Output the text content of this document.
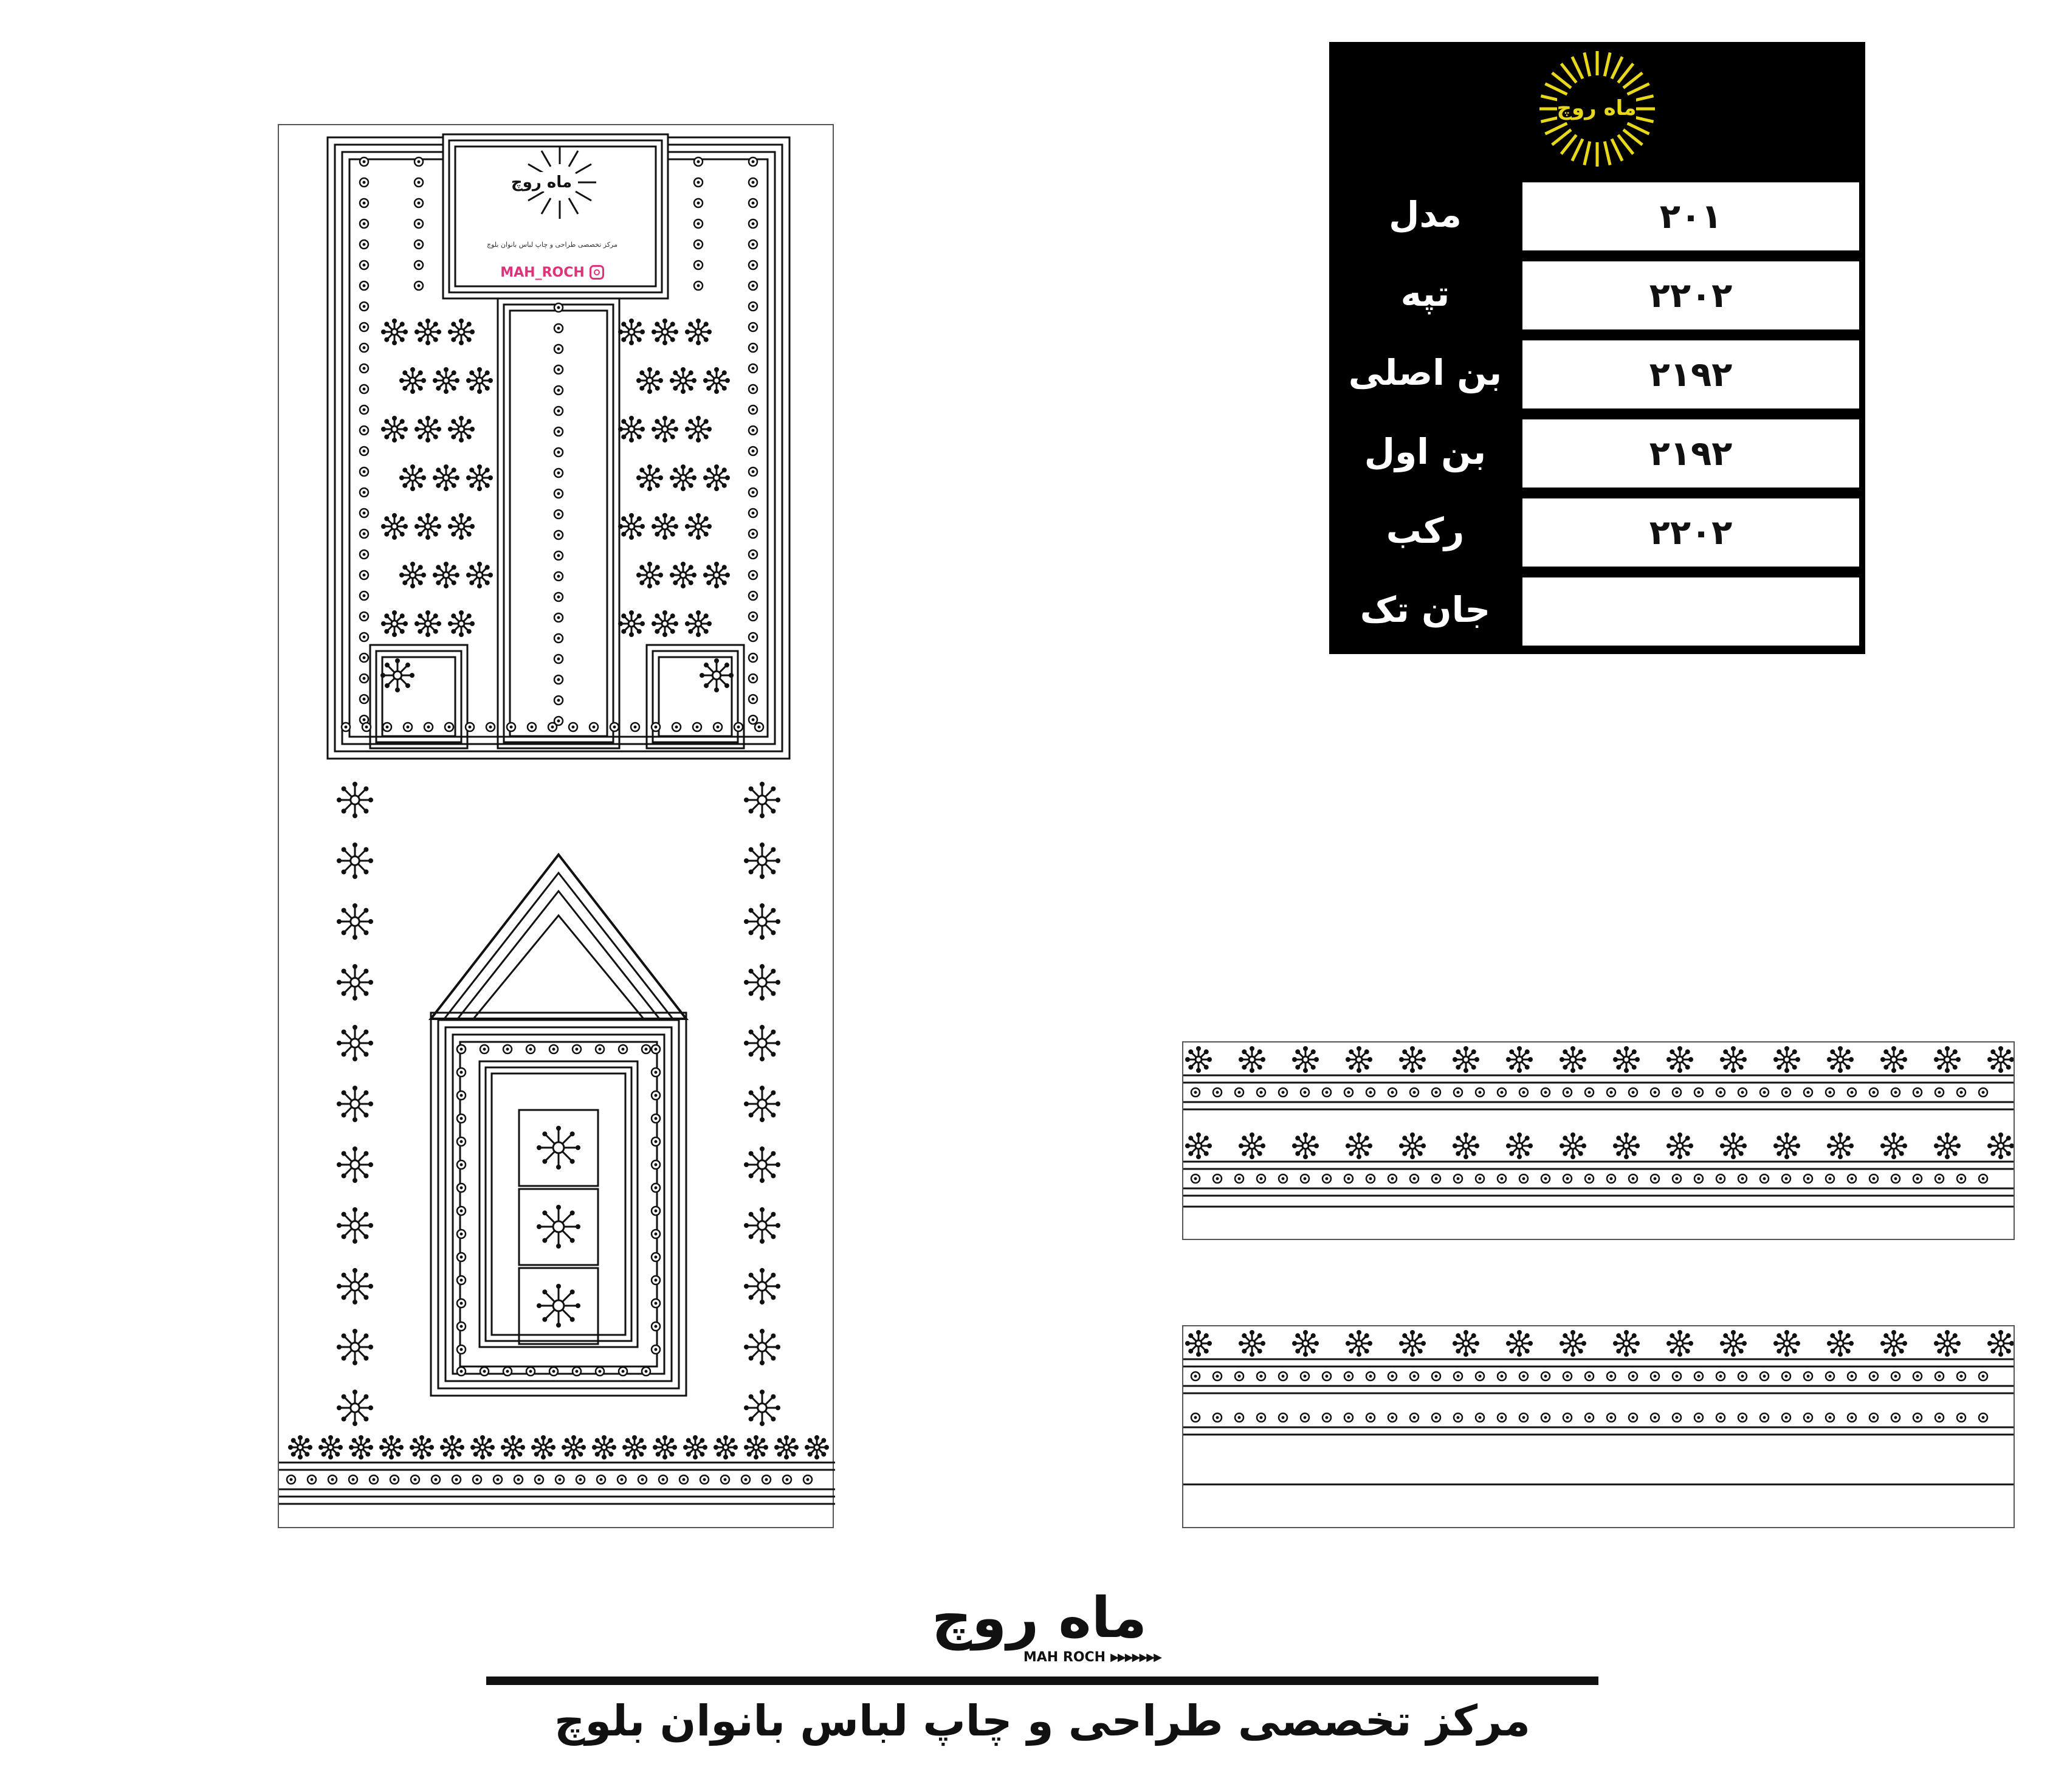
ماه روچ
مرکز تخصصی طراحی و چاپ لباس بانوان بلوچ
MAH_ROCH
ماه روچ
مدل	۲۰۱
تپه	۲۲۰۲
بن اصلی	۲۱۹۲
بن اول	۲۱۹۲
رکب	۲۲۰۲
جان تک
ماه روچ
MAH ROCH ▶▶▶▶▶▶▶
مرکز تخصصی طراحی و چاپ لباس بانوان بلوچ
